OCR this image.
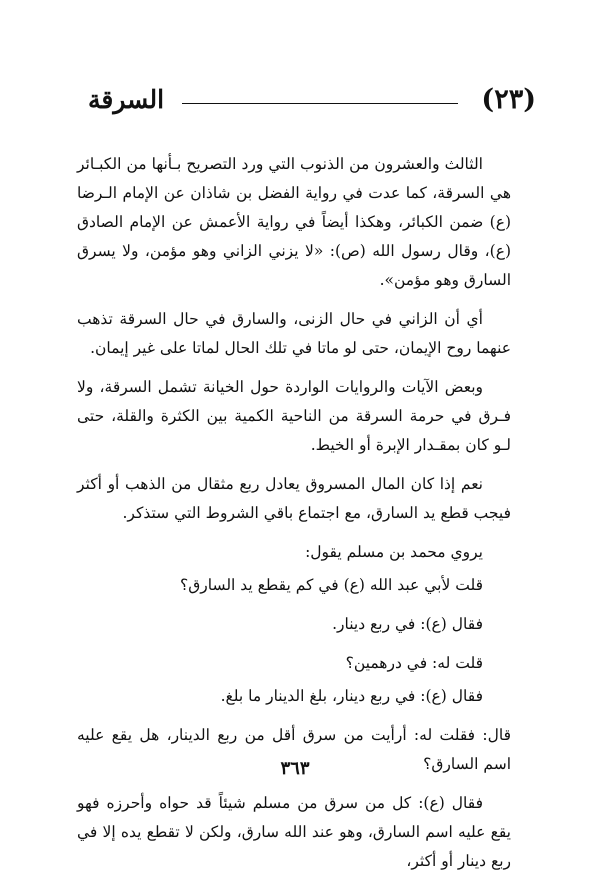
(٢٣)
السرقة

الثالث والعشرون من الذنوب التي ورد التصريح بـأنها من الكبـائر هي السرقة، كما عدت في رواية الفضل بن شاذان عن الإمام الـرضا (ع) ضمن الكبائر، وهكذا أيضاً في رواية الأعمش عن الإمام الصادق (ع)، وقال رسول الله (ص): «لا يزني الزاني وهو مؤمن، ولا يسرق السارق وهو مؤمن».

أي أن الزاني في حال الزنى، والسارق في حال السرقة تذهب عنهما روح الإيمان، حتى لو ماتا في تلك الحال لماتا على غير إيمان.

وبعض الآيات والروايات الواردة حول الخيانة تشمل السرقة، ولا فـرق في حرمة السرقة من الناحية الكمية بين الكثرة والقلة، حتى لـو كان بمقـدار الإبرة أو الخيط.

نعم إذا كان المال المسروق يعادل ربع مثقال من الذهب أو أكثر فيجب قطع يد السارق، مع اجتماع باقي الشروط التي ستذكر.

يروي محمد بن مسلم يقول:

قلت لأبي عبد الله (ع) في كم يقطع يد السارق؟

فقال (ع): في ربع دينار.

قلت له: في درهمين؟

فقال (ع): في ربع دينار، بلغ الدينار ما بلغ.

قال: فقلت له: أرأيت من سرق أقل من ربع الدينار، هل يقع عليه اسم السارق؟

فقال (ع): كل من سرق من مسلم شيئاً قد حواه وأحرزه فهو يقع عليه اسم السارق، وهو عند الله سارق، ولكن لا تقطع يده إلا في ربع دينار أو أكثر،

٣٦٣
